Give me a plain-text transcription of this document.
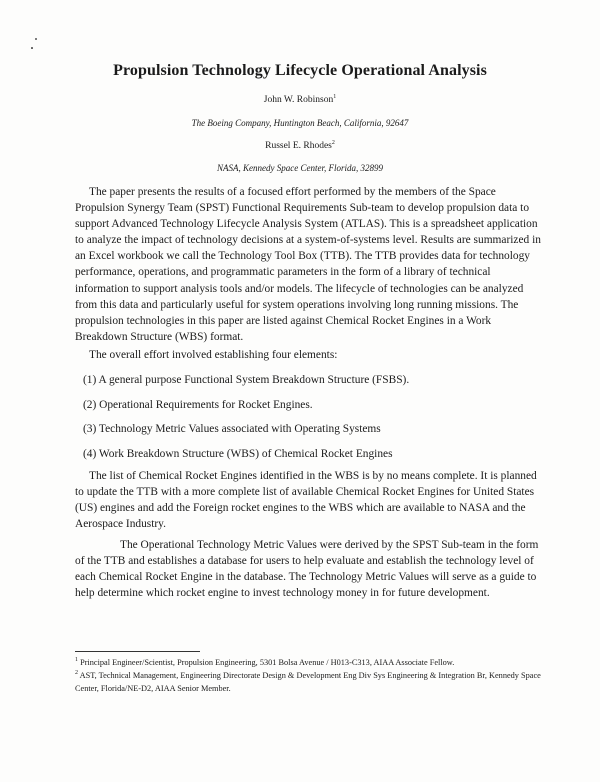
Propulsion Technology Lifecycle Operational Analysis
John W. Robinson$^1$
The Boeing Company, Huntington Beach, California, 92647
Russel E. Rhodes$^2$
NASA, Kennedy Space Center, Florida, 32899

The paper presents the results of a focused effort performed by the members of the Space Propulsion Synergy Team (SPST) Functional Requirements Sub-team to develop propulsion data to support Advanced Technology Lifecycle Analysis System (ATLAS). This is a spreadsheet application to analyze the impact of technology decisions at a system-of-systems level. Results are summarized in an Excel workbook we call the Technology Tool Box (TTB). The TTB provides data for technology performance, operations, and programmatic parameters in the form of a library of technical information to support analysis tools and/or models. The lifecycle of technologies can be analyzed from this data and particularly useful for system operations involving long running missions. The propulsion technologies in this paper are listed against Chemical Rocket Engines in a Work Breakdown Structure (WBS) format.

The overall effort involved establishing four elements:

(1) A general purpose Functional System Breakdown Structure (FSBS).
(2) Operational Requirements for Rocket Engines.
(3) Technology Metric Values associated with Operating Systems
(4) Work Breakdown Structure (WBS) of Chemical Rocket Engines

The list of Chemical Rocket Engines identified in the WBS is by no means complete. It is planned to update the TTB with a more complete list of available Chemical Rocket Engines for United States (US) engines and add the Foreign rocket engines to the WBS which are available to NASA and the Aerospace Industry.

The Operational Technology Metric Values were derived by the SPST Sub-team in the form of the TTB and establishes a database for users to help evaluate and establish the technology level of each Chemical Rocket Engine in the database. The Technology Metric Values will serve as a guide to help determine which rocket engine to invest technology money in for future development.

$^1$ Principal Engineer/Scientist, Propulsion Engineering, 5301 Bolsa Avenue / H013-C313, AIAA Associate Fellow.

$^2$ AST, Technical Management, Engineering Directorate Design & Development Eng Div Sys Engineering & Integration Br, Kennedy Space Center, Florida/NE-D2, AIAA Senior Member.
